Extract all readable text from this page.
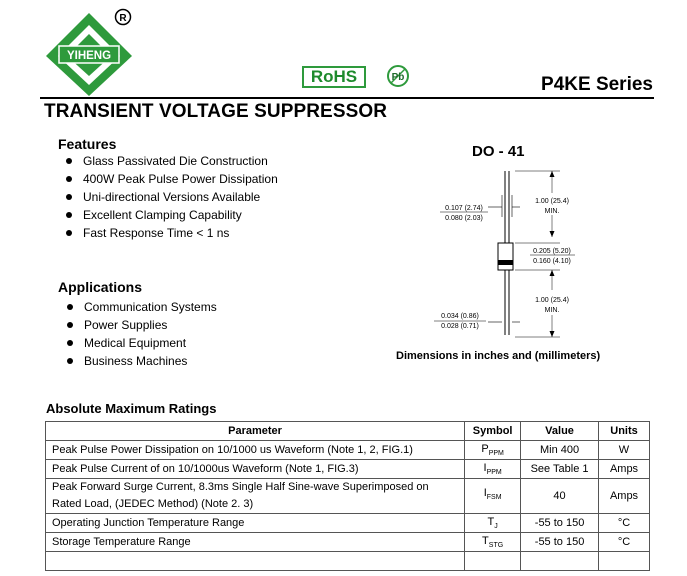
YIHENG
R
RoHS	Pb	P4KE Series
TRANSIENT VOLTAGE SUPPRESSOR
Features
Glass Passivated Die Construction
400W Peak Pulse Power Dissipation
Uni-directional Versions Available
Excellent Clamping Capability
Fast Response Time < 1 ns
Applications
Communication Systems
Power Supplies
Medical Equipment
Business Machines
DO - 41
0.107 (2.74)
0.080 (2.03)
1.00 (25.4)
MIN.
0.205 (5.20)
0.160 (4.10)
1.00 (25.4)
MIN.
0.034 (0.86)
0.028 (0.71)
Dimensions in inches and (millimeters)
Absolute Maximum Ratings
Parameter	Symbol	Value	Units
Peak Pulse Power Dissipation on 10/1000 us Waveform (Note 1, 2, FIG.1)	$P_{PPM}$	Min 400	W
Peak Pulse Current of on 10/1000us Waveform (Note 1, FIG.3)	$I_{PPM}$	See Table 1	Amps
Peak Forward Surge Current, 8.3ms Single Half Sine-wave Superimposed on
Rated Load, (JEDEC Method) (Note 2. 3)	$I_{FSM}$	40	Amps
Operating Junction Temperature Range	$T_J$	-55 to 150	°C
Storage Temperature Range	$T_{STG}$	-55 to 150	°C
